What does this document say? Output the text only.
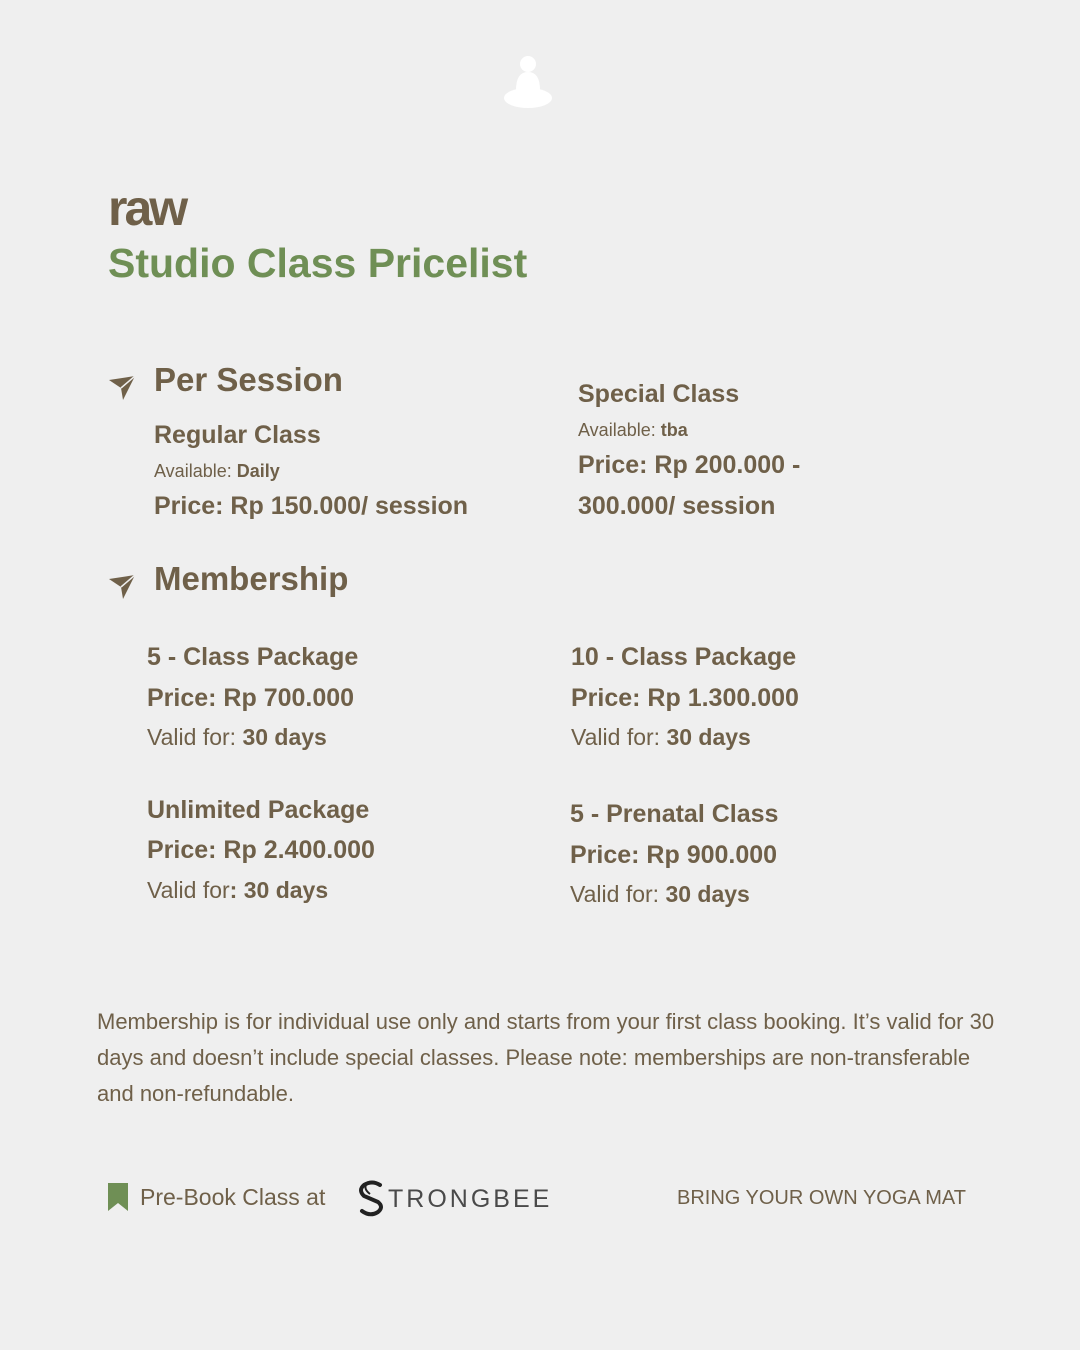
raw
Studio Class Pricelist
Per Session
Regular Class
Available: Daily
Price: Rp 150.000/ session
Special Class
Available: tba
Price: Rp 200.000 -
300.000/ session
Membership
5 - Class Package
Price: Rp 700.000
Valid for: 30 days
10 - Class Package
Price: Rp 1.300.000
Valid for: 30 days
Unlimited Package
Price: Rp 2.400.000
Valid for: 30 days
5 - Prenatal Class
Price: Rp 900.000
Valid for: 30 days
Membership is for individual use only and starts from your first class booking. It’s valid for 30 days and doesn’t include special classes. Please note: memberships are non-transferable and non-refundable.
Pre-Book Class at	TRONGBEE	BRING YOUR OWN YOGA MAT
